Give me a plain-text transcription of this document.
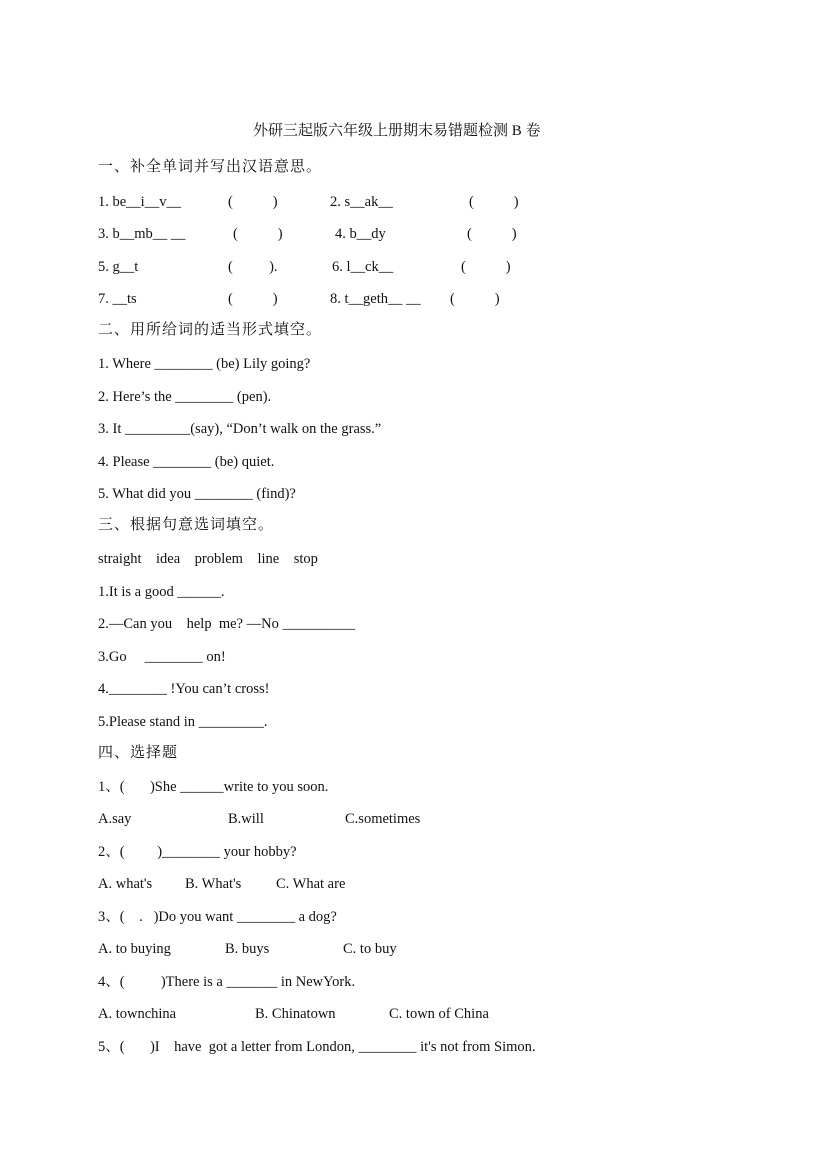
外研三起版六年级上册期末易错题检测 B 卷
一、补全单词并写出汉语意思。
1. be__i__v__	(           )	2. s__ak__	(           )
3. b__mb__ __	(           )	4. b__dy	(           )
5. g__t	(          ).	6. l__ck__	(           )
7. __ts	(           )	8. t__geth__ __ (           )
二、用所给词的适当形式填空。
1. Where ________ (be) Lily going?
2. Here’s the ________ (pen).
3. It _________(say), “Don’t walk on the grass.”
4. Please ________ (be) quiet.
5. What did you ________ (find)?
三、根据句意选词填空。
straight    idea    problem    line    stop
1.It is a good ______.
2.—Can you    help  me? —No __________
3.Go     ________ on!
4.________ !You can’t cross!
5.Please stand in _________.
四、选择题
1、(       )She ______write to you soon.
A.say	B.will	C.sometimes
2、(         )________ your hobby?
A. what's B. What's C. What are
3、(    .   )Do you want ________ a dog?
A. to buying	B. buys	C. to buy
4、(          )There is a _______ in NewYork.
A. townchina	B. Chinatown	C. town of China
5、(       )I    have  got a letter from London, ________ it's not from Simon.
